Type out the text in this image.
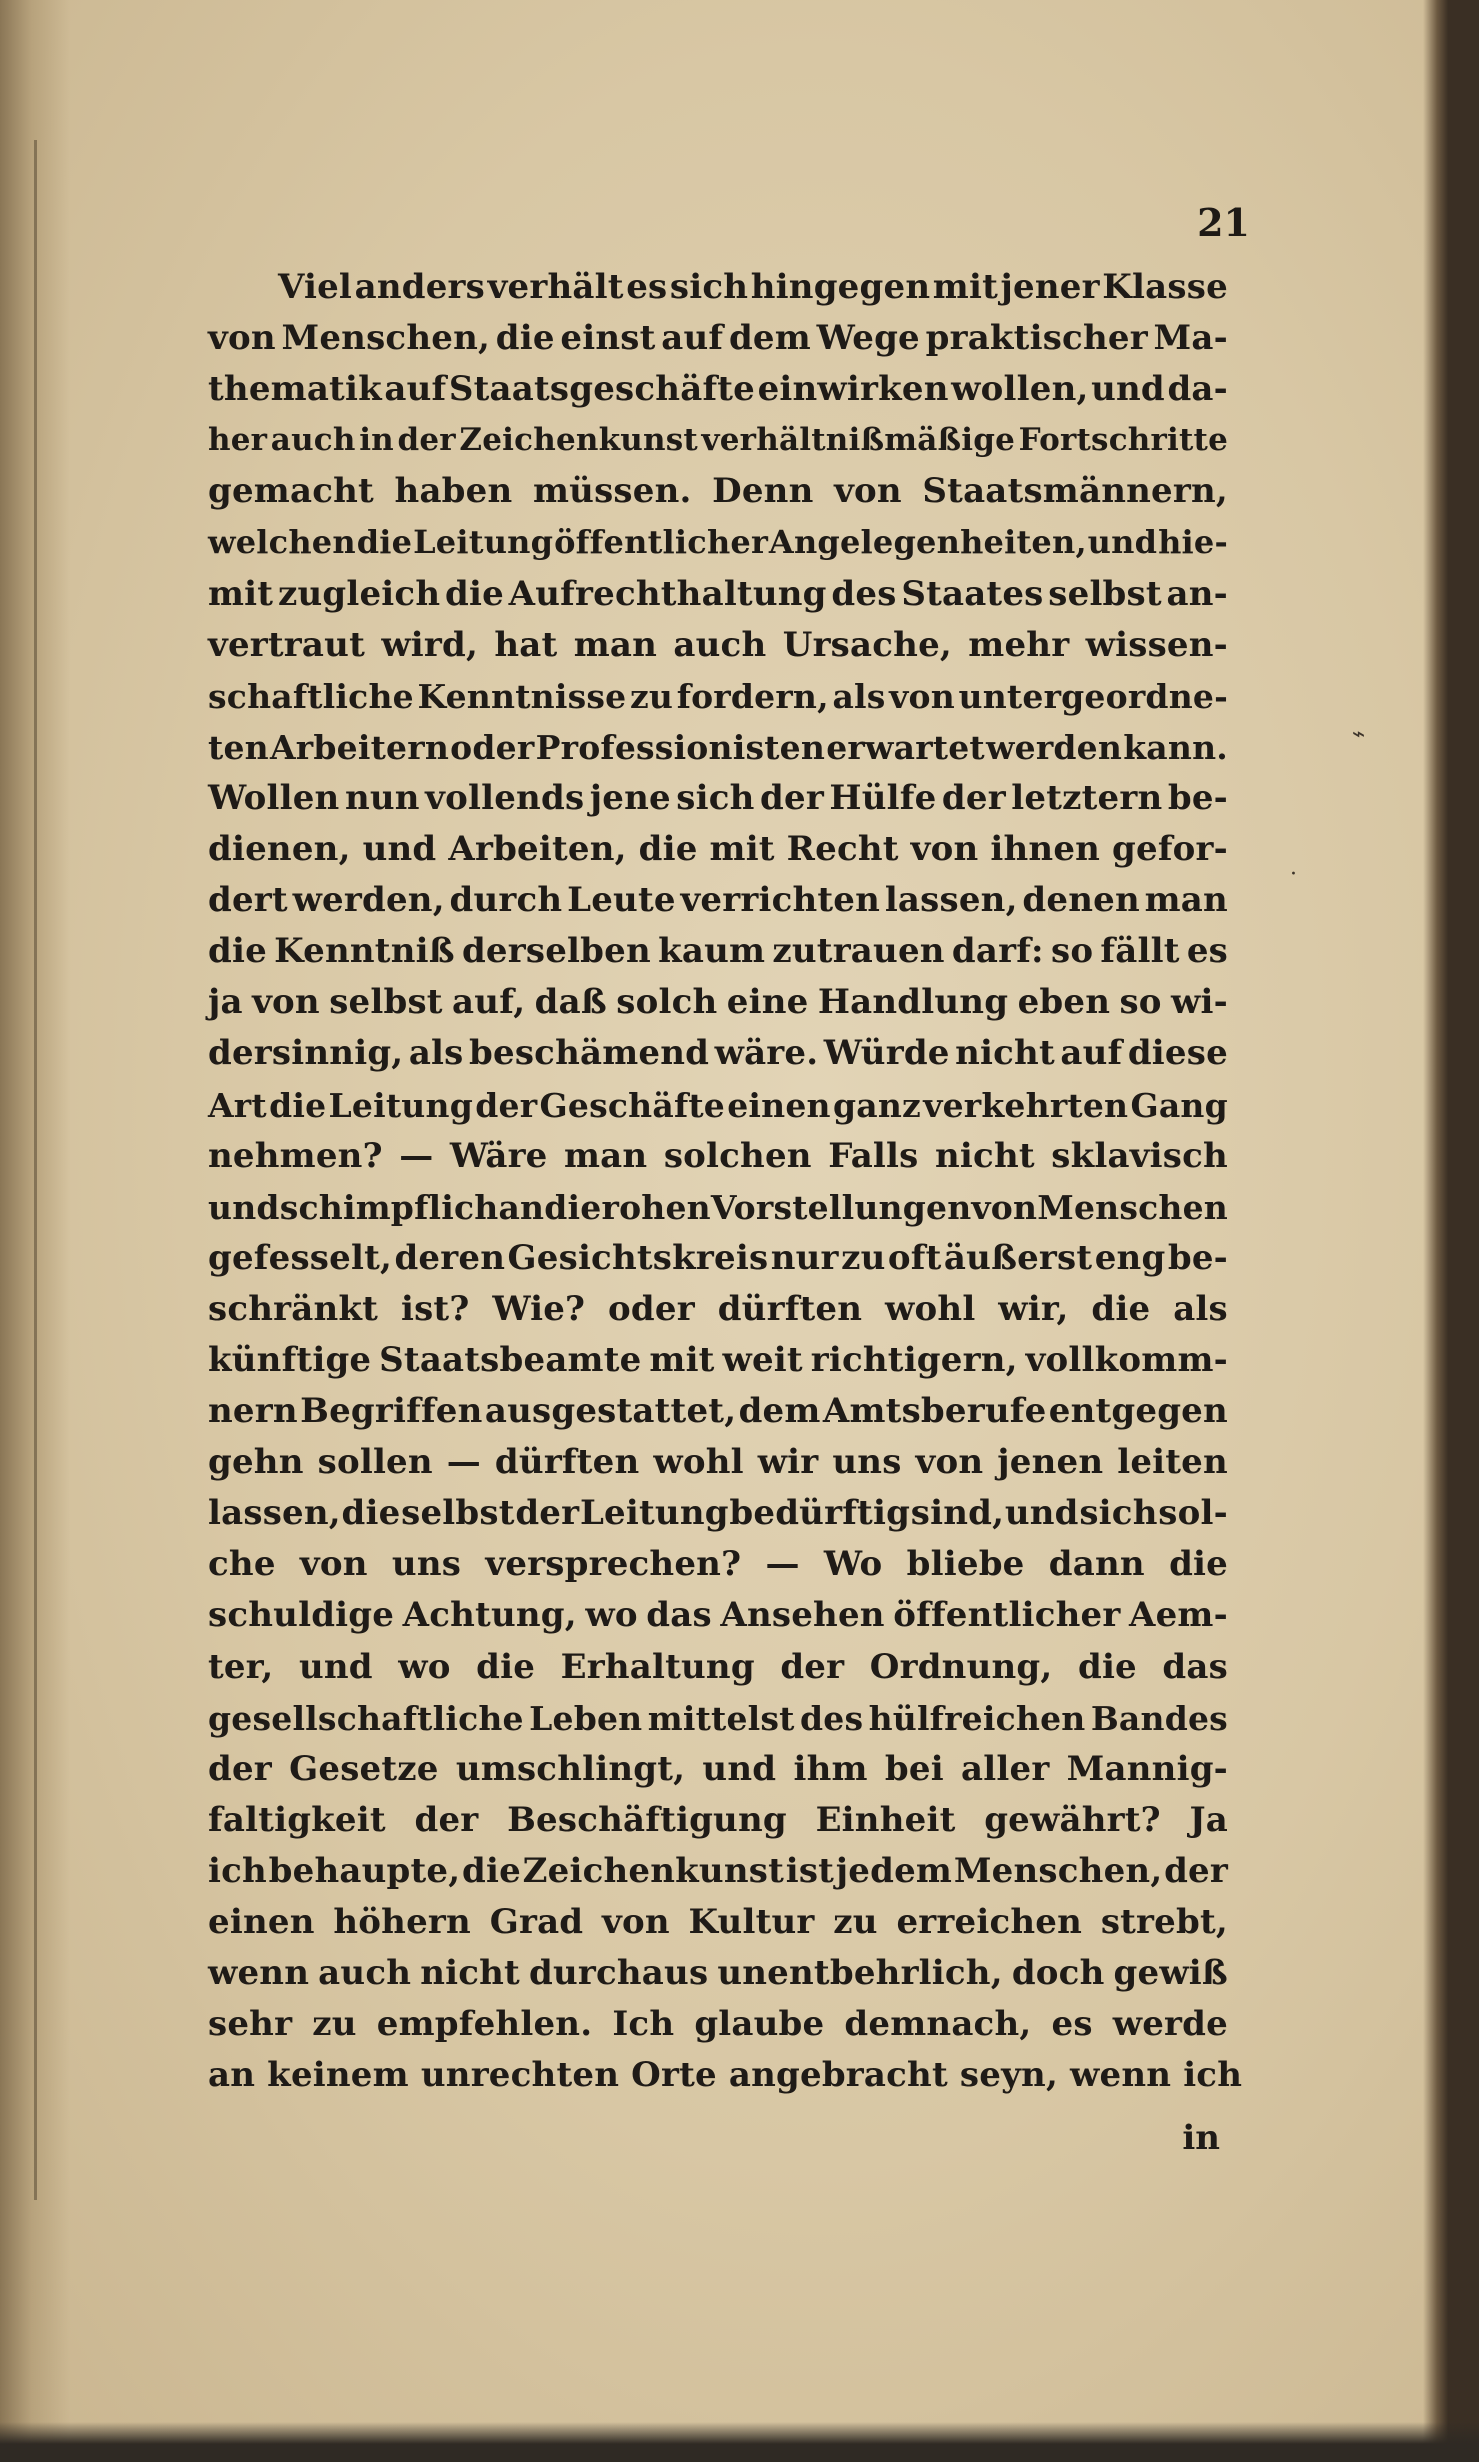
21
Viel anders verhält es sich hingegen mit jener Klasse
von Menschen, die einst auf dem Wege praktischer Ma-
thematik auf Staatsgeschäfte einwirken wollen, und da-
her auch in der Zeichenkunst verhältnißmäßige Fortschritte
gemacht haben müssen. Denn von Staatsmännern,
welchen die Leitung öffentlicher Angelegenheiten, und hie-
mit zugleich die Aufrechthaltung des Staates selbst an-
vertraut wird, hat man auch Ursache, mehr wissen-
schaftliche Kenntnisse zu fordern, als von untergeordne-
ten Arbeitern oder Professionisten erwartet werden kann.
Wollen nun vollends jene sich der Hülfe der letztern be-
dienen, und Arbeiten, die mit Recht von ihnen gefor-
dert werden, durch Leute verrichten lassen, denen man
die Kenntniß derselben kaum zutrauen darf: so fällt es
ja von selbst auf, daß solch eine Handlung eben so wi-
dersinnig, als beschämend wäre. Würde nicht auf diese
Art die Leitung der Geschäfte einen ganz verkehrten Gang
nehmen? — Wäre man solchen Falls nicht sklavisch
und schimpflich an die rohen Vorstellungen von Menschen
gefesselt, deren Gesichtskreis nur zu oft äußerst eng be-
schränkt ist? Wie? oder dürften wohl wir, die als
künftige Staatsbeamte mit weit richtigern, vollkomm-
nern Begriffen ausgestattet, dem Amtsberufe entgegen
gehn sollen — dürften wohl wir uns von jenen leiten
lassen, die selbst der Leitung bedürftig sind, und sich sol-
che von uns versprechen? — Wo bliebe dann die
schuldige Achtung, wo das Ansehen öffentlicher Aem-
ter, und wo die Erhaltung der Ordnung, die das
gesellschaftliche Leben mittelst des hülfreichen Bandes
der Gesetze umschlingt, und ihm bei aller Mannig-
faltigkeit der Beschäftigung Einheit gewährt? Ja
ich behaupte, die Zeichenkunst ist jedem Menschen, der
einen höhern Grad von Kultur zu erreichen strebt,
wenn auch nicht durchaus unentbehrlich, doch gewiß
sehr zu empfehlen. Ich glaube demnach, es werde
an keinem unrechten Orte angebracht seyn, wenn ich
in
⌁
·
